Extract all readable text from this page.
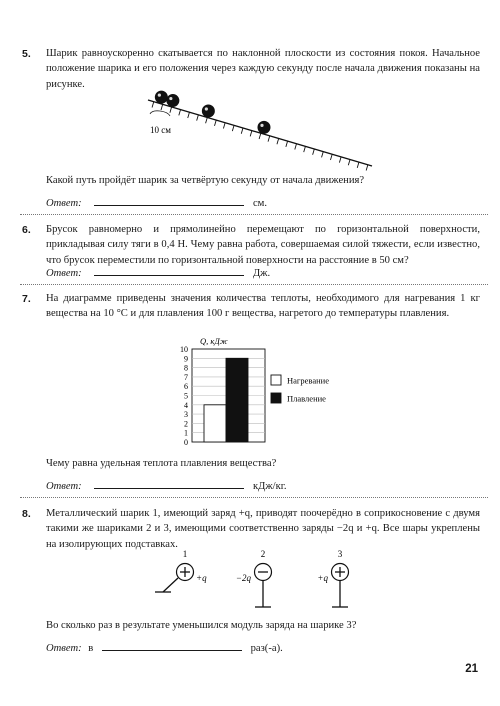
5. Шарик равноускоренно скатывается по наклонной плоскости из состояния покоя. Начальное положение шарика и его положения через каждую секунду после начала движения показаны на рисунке.
10 см
Какой путь пройдёт шарик за четвёртую секунду от начала движения?
Ответ:	см.
6. Брусок равномерно и прямолинейно перемещают по горизонтальной поверхности, прикладывая силу тяги в 0,4 Н. Чему равна работа, совершаемая силой тяжести, если известно, что брусок переместили по горизонтальной поверхности на расстояние в 50 см?
Ответ:	Дж.
7. На диаграмме приведены значения количества теплоты, необходимого для нагревания 1 кг вещества на 10 °С и для плавления 100 г вещества, нагретого до температуры плавления.
Q, кДж
0
1
2
3
4
5
6
7
8
9
10
Нагревание
Плавление
Чему равна удельная теплота плавления вещества?
Ответ:	кДж/кг.
8. Металлический шарик 1, имеющий заряд +q, приводят поочерёдно в соприкосновение с двумя такими же шариками 2 и 3, имеющими соответственно заряды −2q и +q. Все шары укреплены на изолирующих подставках.
1
+q
2
−2q
3
+q
Во сколько раз в результате уменьшился модуль заряда на шарике 3?
Ответ: в	раз(-а).
21
